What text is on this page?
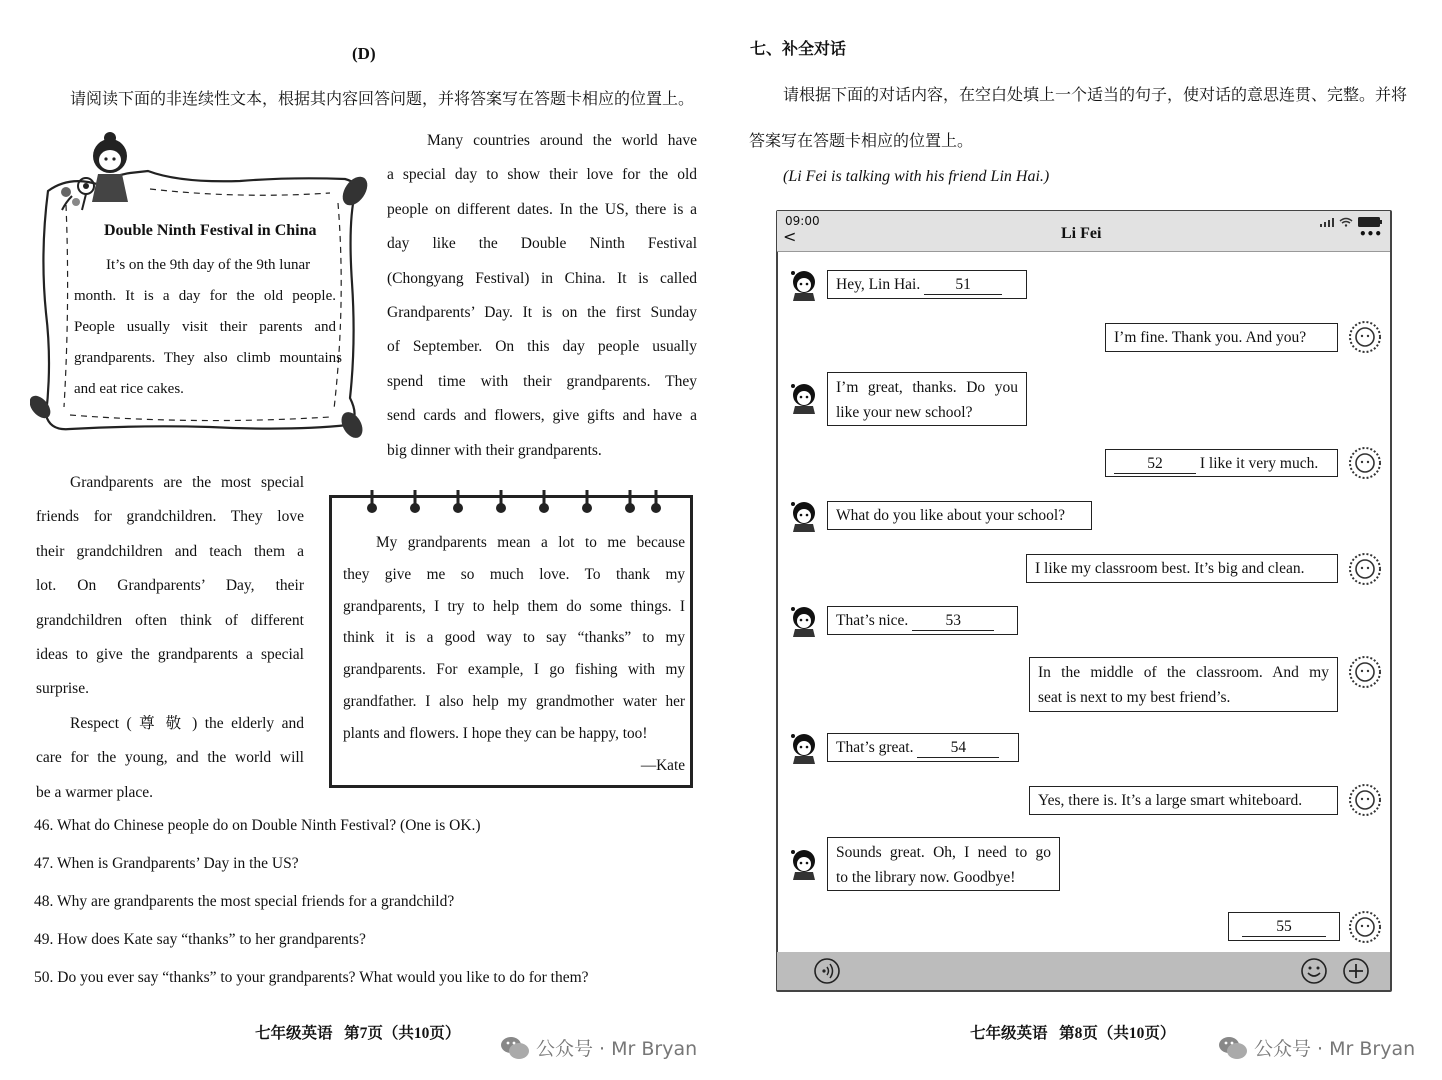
(D)
请阅读下面的非连续性文本，根据其内容回答问题，并将答案写在答题卡相应的位置上。
Double Ninth Festival in China
It’s on the 9th day of the 9th lunar
month. It is a day for the old people.
People usually visit their parents and
grandparents. They also climb mountains
and eat rice cakes.
Many countries around the world have
a special day to show their love for the old
people on different dates. In the US, there is a
day like the Double Ninth Festival
(Chongyang Festival) in China. It is called
Grandparents’ Day. It is on the first Sunday
of September. On this day people usually
spend time with their grandparents. They
send cards and flowers, give gifts and have a
big dinner with their grandparents.
Grandparents are the most special
friends for grandchildren. They love
their grandchildren and teach them a
lot. On Grandparents’ Day, their
grandchildren often think of different
ideas to give the grandparents a special
surprise.
Respect ( 尊 敬 ) the elderly and
care for the young, and the world will
be a warmer place.
My grandparents mean a lot to me because
they give me so much love. To thank my
grandparents, I try to help them do some things. I
think it is a good way to say “thanks” to my
grandparents. For example, I go fishing with my
grandfather. I also help my grandmother water her
plants and flowers. I hope they can be happy, too!
—Kate
46. What do Chinese people do on Double Ninth Festival? (One is OK.)
47. When is Grandparents’ Day in the US?
48. Why are grandparents the most special friends for a grandchild?
49. How does Kate say “thanks” to her grandparents?
50. Do you ever say “thanks” to your grandparents? What would you like to do for them?
七年级英语   第7页（共10页）
公众号 · Mr Bryan
七、补全对话
请根据下面的对话内容，在空白处填上一个适当的句子，使对话的意思连贯、完整。并将
答案写在答题卡相应的位置上。
(Li Fei is talking with his friend Lin Hai.)
09:00
<	Li Fei	•••
Hey, Lin Hai. 51
I’m fine. Thank you. And you?
I’m great, thanks. Do you
like your new school?
52 I like it very much.
What do you like about your school?
I like my classroom best. It’s big and clean.
That’s nice. 53
In the middle of the classroom. And my
seat is next to my best friend’s.
That’s great. 54
Yes, there is. It’s a large smart whiteboard.
Sounds great. Oh, I need to go
to the library now. Goodbye!
55
七年级英语   第8页（共10页）
公众号 · Mr Bryan
